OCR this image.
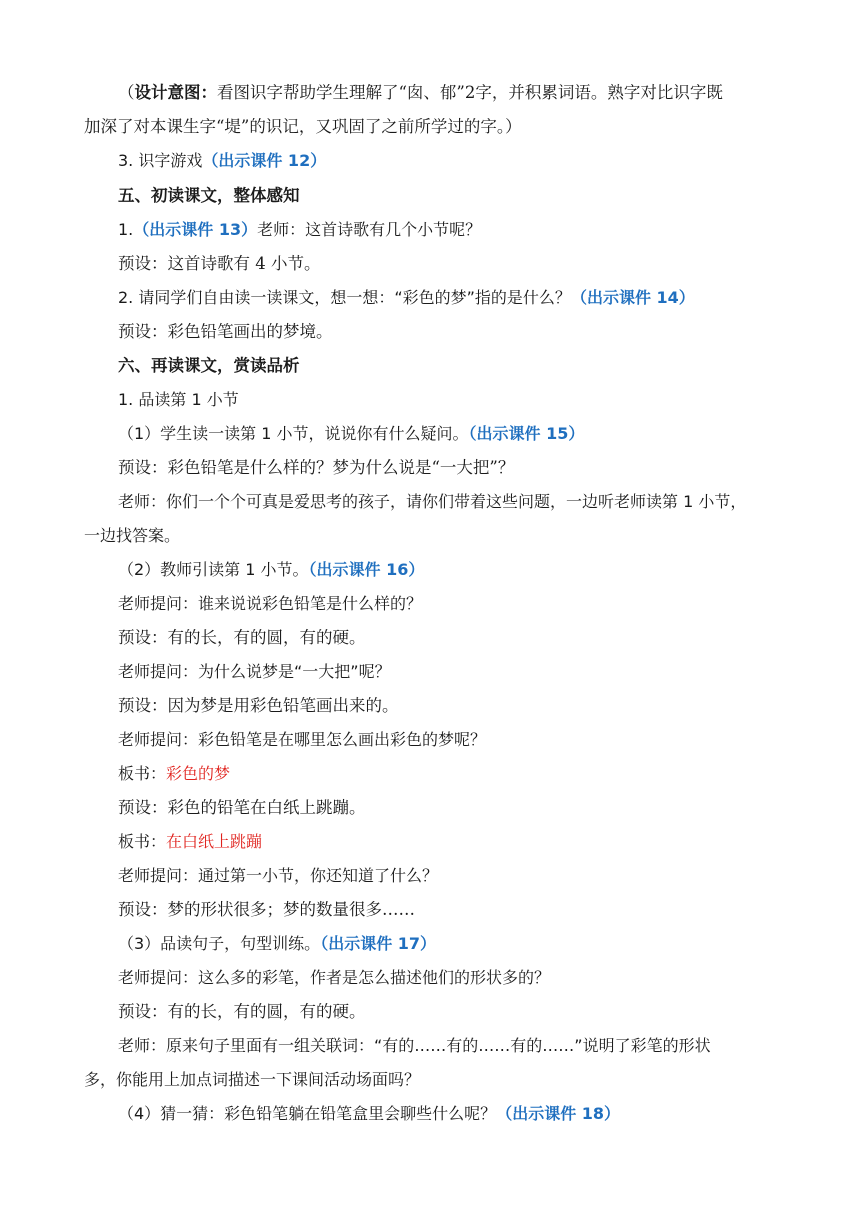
（设计意图：看图识字帮助学生理解了“囱、郁”2字，并积累词语。熟字对比识字既
加深了对本课生字“堤”的识记，又巩固了之前所学过的字。）
3. 识字游戏（出示课件 12）
五、初读课文，整体感知
1.（出示课件 13）老师：这首诗歌有几个小节呢？
预设：这首诗歌有 4 小节。
2. 请同学们自由读一读课文，想一想：“彩色的梦”指的是什么？（出示课件 14）
预设：彩色铅笔画出的梦境。
六、再读课文，赏读品析
1. 品读第 1 小节
（1）学生读一读第 1 小节，说说你有什么疑问。（出示课件 15）
预设：彩色铅笔是什么样的？梦为什么说是“一大把”？
老师：你们一个个可真是爱思考的孩子，请你们带着这些问题，一边听老师读第 1 小节，
一边找答案。
（2）教师引读第 1 小节。（出示课件 16）
老师提问：谁来说说彩色铅笔是什么样的？
预设：有的长，有的圆，有的硬。
老师提问：为什么说梦是“一大把”呢？
预设：因为梦是用彩色铅笔画出来的。
老师提问：彩色铅笔是在哪里怎么画出彩色的梦呢？
板书：彩色的梦
预设：彩色的铅笔在白纸上跳蹦。
板书：在白纸上跳蹦
老师提问：通过第一小节，你还知道了什么？
预设：梦的形状很多；梦的数量很多……
（3）品读句子，句型训练。（出示课件 17）
老师提问：这么多的彩笔，作者是怎么描述他们的形状多的？
预设：有的长，有的圆，有的硬。
老师：原来句子里面有一组关联词：“有的……有的……有的……”说明了彩笔的形状
多，你能用上加点词描述一下课间活动场面吗？
（4）猜一猜：彩色铅笔躺在铅笔盒里会聊些什么呢？（出示课件 18）
